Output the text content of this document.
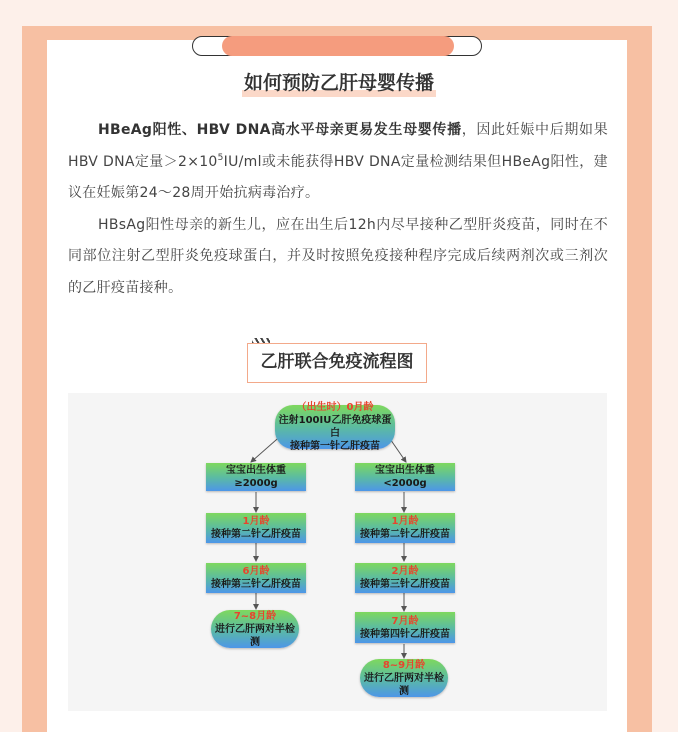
如何预防乙肝母婴传播

HBeAg阳性、HBV DNA高水平母亲更易发生母婴传播，因此妊娠中后期如果HBV DNA定量$>2\times 10^5IU/ml$或未能获得HBV DNA定量检测结果但HBeAg阳性，建议在妊娠第24～28周开始抗病毒治疗。

HBsAg阳性母亲的新生儿，应在出生后12h内尽早接种乙型肝炎疫苗，同时在不同部位注射乙型肝炎免疫球蛋白，并及时按照免疫接种程序完成后续两剂次或三剂次的乙肝疫苗接种。

乙肝联合免疫流程图
（出生时）0月龄
注射100IU乙肝免疫球蛋白
接种第一针乙肝疫苗
宝宝出生体重≥2000g
1月龄
接种第二针乙肝疫苗
6月龄
接种第三针乙肝疫苗
7~8月龄
进行乙肝两对半检测
宝宝出生体重<2000g
1月龄
接种第二针乙肝疫苗
2月龄
接种第三针乙肝疫苗
7月龄
接种第四针乙肝疫苗
8~9月龄
进行乙肝两对半检测
